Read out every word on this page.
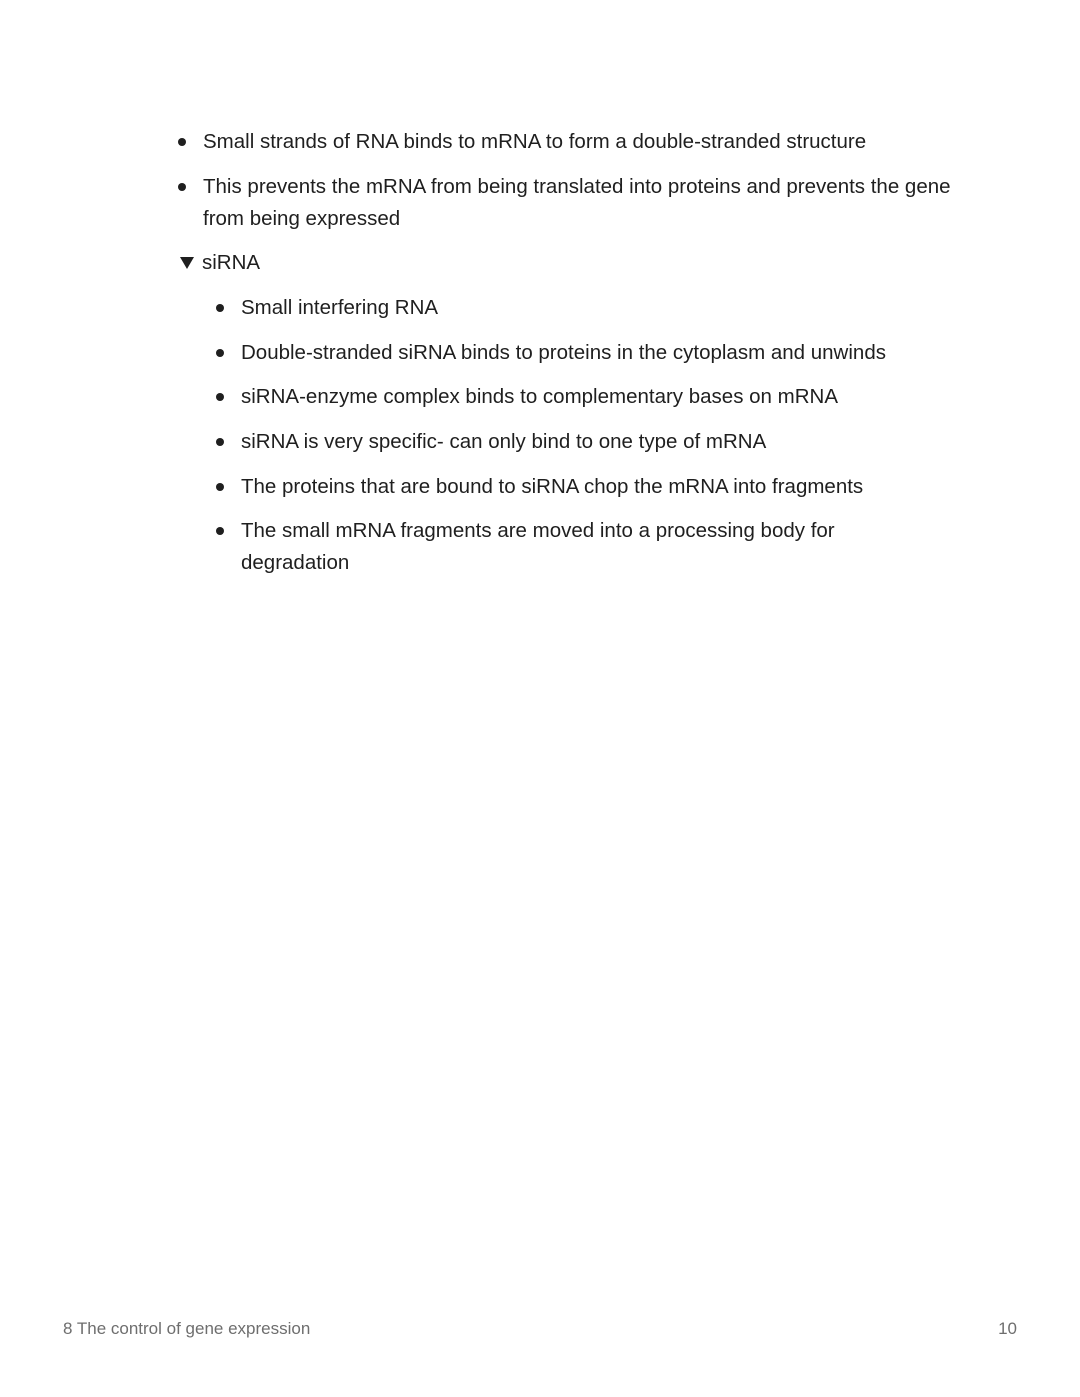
Small strands of RNA binds to mRNA to form a double-stranded structure
This prevents the mRNA from being translated into proteins and prevents the gene from being expressed
siRNA
Small interfering RNA
Double-stranded siRNA binds to proteins in the cytoplasm and unwinds
siRNA-enzyme complex binds to complementary bases on mRNA
siRNA is very specific- can only bind to one type of mRNA
The proteins that are bound to siRNA chop the mRNA into fragments
The small mRNA fragments are moved into a processing body for degradation
8 The control of gene expression	10
